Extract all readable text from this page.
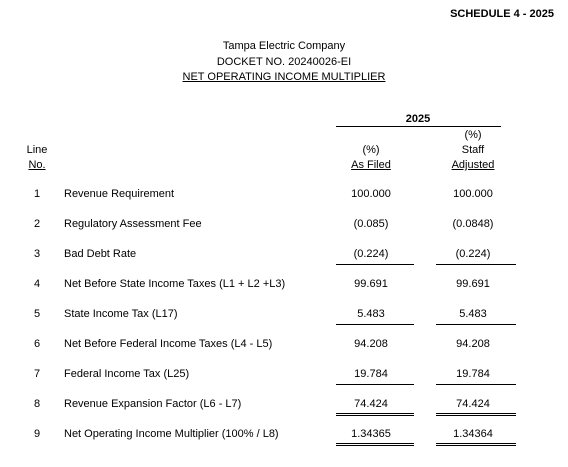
SCHEDULE 4 - 2025
Tampa Electric Company
DOCKET NO. 20240026-EI
NET OPERATING INCOME MULTIPLIER
2025
Line
No.
(%)
As Filed
(%)
Staff
Adjusted
1	Revenue Requirement	100.000	100.000
2	Regulatory Assessment Fee	(0.085)	(0.0848)
3	Bad Debt Rate	(0.224)	(0.224)
4	Net Before State Income Taxes (L1 + L2 +L3)	99.691	99.691
5	State Income Tax (L17)	5.483	5.483
6	Net Before Federal Income Taxes (L4 - L5)	94.208	94.208
7	Federal Income Tax (L25)	19.784	19.784
8	Revenue Expansion Factor (L6 - L7)	74.424	74.424
9	Net Operating Income Multiplier (100% / L8)	1.34365	1.34364
